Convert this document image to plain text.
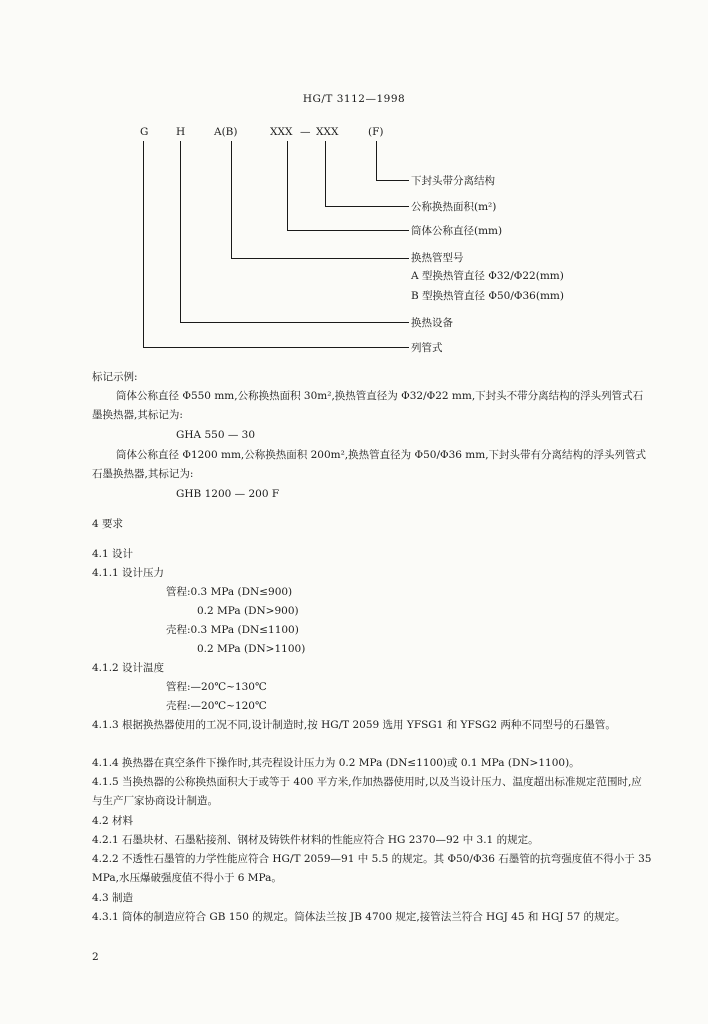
HG/T 3112—1998
G	H	A(B)	XXX — XXX	(F)
下封头带分离结构
公称换热面积(m²)
筒体公称直径(mm)
换热管型号
A 型换热管直径 Φ32/Φ22(mm)
B 型换热管直径 Φ50/Φ36(mm)
换热设备
列管式
标记示例:
筒体公称直径 Φ550 mm,公称换热面积 30m²,换热管直径为 Φ32/Φ22 mm,下封头不带分离结构的浮头列管式石墨换热器,其标记为:
GHA 550 — 30
筒体公称直径 Φ1200 mm,公称换热面积 200m²,换热管直径为 Φ50/Φ36 mm,下封头带有分离结构的浮头列管式石墨换热器,其标记为:
GHB 1200 — 200 F
4 要求
4.1 设计
4.1.1 设计压力
管程:0.3 MPa (DN≤900)
0.2 MPa (DN>900)
壳程:0.3 MPa (DN≤1100)
0.2 MPa (DN>1100)
4.1.2 设计温度
管程:—20℃~130℃
壳程:—20℃~120℃
4.1.3 根据换热器使用的工况不同,设计制造时,按 HG/T 2059 选用 YFSG1 和 YFSG2 两种不同型号的石墨管。
4.1.4 换热器在真空条件下操作时,其壳程设计压力为 0.2 MPa (DN≤1100)或 0.1 MPa (DN>1100)。
4.1.5 当换热器的公称换热面积大于或等于 400 平方米,作加热器使用时,以及当设计压力、温度超出标准规定范围时,应与生产厂家协商设计制造。
4.2 材料
4.2.1 石墨块材、石墨粘接剂、钢材及铸铁件材料的性能应符合 HG 2370—92 中 3.1 的规定。
4.2.2 不透性石墨管的力学性能应符合 HG/T 2059—91 中 5.5 的规定。其 Φ50/Φ36 石墨管的抗弯强度值不得小于 35 MPa,水压爆破强度值不得小于 6 MPa。
4.3 制造
4.3.1 筒体的制造应符合 GB 150 的规定。筒体法兰按 JB 4700 规定,接管法兰符合 HGJ 45 和 HGJ 57 的规定。
2
